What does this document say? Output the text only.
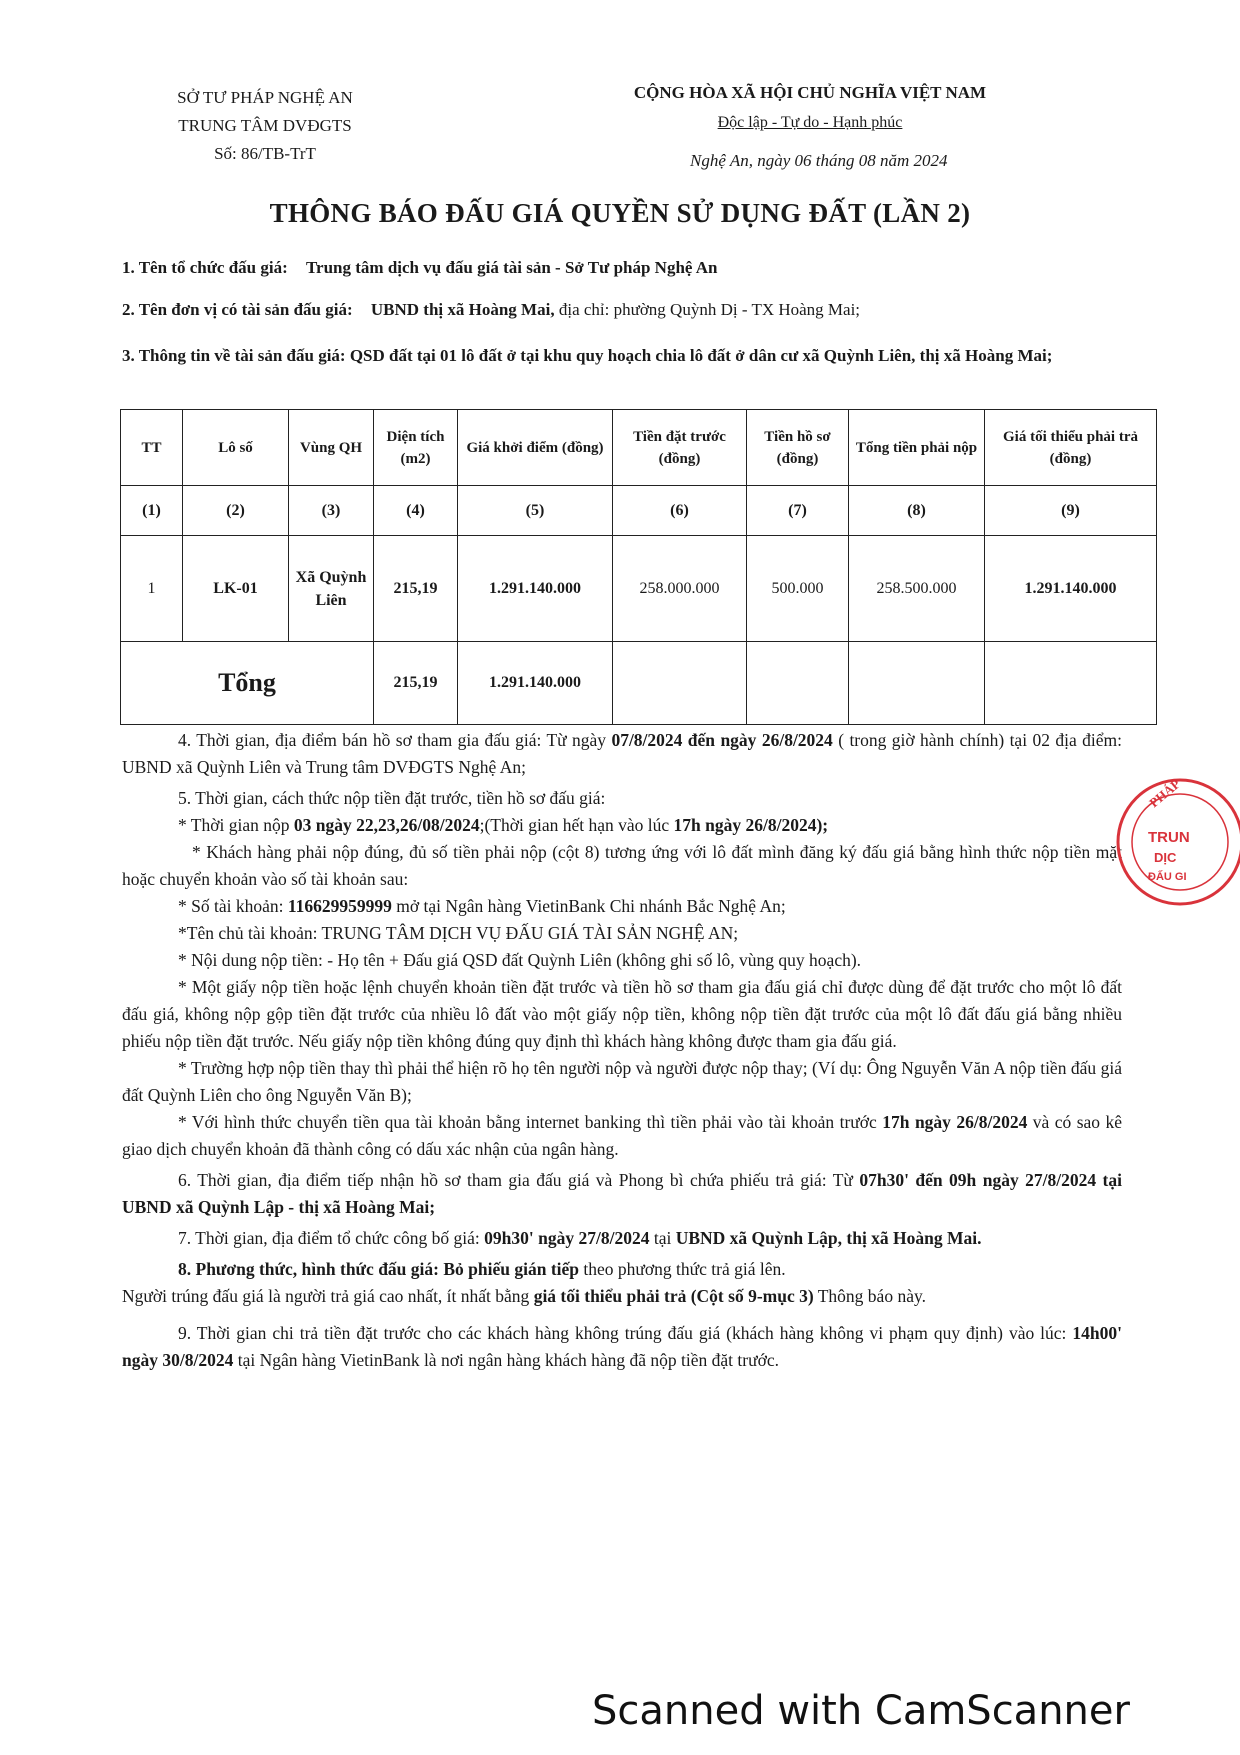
SỞ TƯ PHÁP NGHỆ AN
TRUNG TÂM DVĐGTS
Số: 86/TB-TrT
CỘNG HÒA XÃ HỘI CHỦ NGHĨA VIỆT NAM
Độc lập - Tự do - Hạnh phúc
Nghệ An, ngày 06 tháng 08 năm 2024
THÔNG BÁO ĐẤU GIÁ QUYỀN SỬ DỤNG ĐẤT (LẦN 2)
1. Tên tổ chức đấu giá: Trung tâm dịch vụ đấu giá tài sản - Sở Tư pháp Nghệ An
2. Tên đơn vị có tài sản đấu giá: UBND thị xã Hoàng Mai, địa chỉ: phường Quỳnh Dị - TX Hoàng Mai;
3. Thông tin về tài sản đấu giá: QSD đất tại 01 lô đất ở tại khu quy hoạch chia lô đất ở dân cư xã Quỳnh Liên, thị xã Hoàng Mai;
TT	Lô số	Vùng QH	Diện tích (m2)	Giá khởi điểm (đồng)	Tiền đặt trước (đồng)	Tiền hồ sơ (đồng)	Tổng tiền phải nộp	Giá tối thiểu phải trả (đồng)
(1)	(2)	(3)	(4)	(5)	(6)	(7)	(8)	(9)
1	LK-01	Xã Quỳnh Liên	215,19	1.291.140.000	258.000.000	500.000	258.500.000	1.291.140.000
Tổng			215,19	1.291.140.000				

4. Thời gian, địa điểm bán hồ sơ tham gia đấu giá: Từ ngày 07/8/2024 đến ngày 26/8/2024 ( trong giờ hành chính) tại 02 địa điểm: UBND xã Quỳnh Liên và Trung tâm DVĐGTS Nghệ An;

5. Thời gian, cách thức nộp tiền đặt trước, tiền hồ sơ đấu giá:

* Thời gian nộp 03 ngày 22,23,26/08/2024;(Thời gian hết hạn vào lúc 17h ngày 26/8/2024);

* Khách hàng phải nộp đúng, đủ số tiền phải nộp (cột 8) tương ứng với lô đất mình đăng ký đấu giá bằng hình thức nộp tiền mặt hoặc chuyển khoản vào số tài khoản sau:

* Số tài khoản: 116629959999 mở tại Ngân hàng VietinBank Chi nhánh Bắc Nghệ An;

*Tên chủ tài khoản: TRUNG TÂM DỊCH VỤ ĐẤU GIÁ TÀI SẢN NGHỆ AN;

* Nội dung nộp tiền: - Họ tên + Đấu giá QSD đất Quỳnh Liên (không ghi số lô, vùng quy hoạch).

* Một giấy nộp tiền hoặc lệnh chuyển khoản tiền đặt trước và tiền hồ sơ tham gia đấu giá chỉ được dùng để đặt trước cho một lô đất đấu giá, không nộp gộp tiền đặt trước của nhiều lô đất vào một giấy nộp tiền, không nộp tiền đặt trước của một lô đất đấu giá bằng nhiều phiếu nộp tiền đặt trước. Nếu giấy nộp tiền không đúng quy định thì khách hàng không được tham gia đấu giá.

* Trường hợp nộp tiền thay thì phải thể hiện rõ họ tên người nộp và người được nộp thay; (Ví dụ: Ông Nguyễn Văn A nộp tiền đấu giá đất Quỳnh Liên cho ông Nguyễn Văn B);

* Với hình thức chuyển tiền qua tài khoản bằng internet banking thì tiền phải vào tài khoản trước 17h ngày 26/8/2024 và có sao kê giao dịch chuyển khoản đã thành công có dấu xác nhận của ngân hàng.

6. Thời gian, địa điểm tiếp nhận hồ sơ tham gia đấu giá và Phong bì chứa phiếu trả giá: Từ 07h30' đến 09h ngày 27/8/2024 tại UBND xã Quỳnh Lập - thị xã Hoàng Mai;

7. Thời gian, địa điểm tổ chức công bố giá: 09h30' ngày 27/8/2024 tại UBND xã Quỳnh Lập, thị xã Hoàng Mai.

8. Phương thức, hình thức đấu giá: Bỏ phiếu gián tiếp theo phương thức trả giá lên.

Người trúng đấu giá là người trả giá cao nhất, ít nhất bằng giá tối thiểu phải trả (Cột số 9-mục 3) Thông báo này.

9. Thời gian chi trả tiền đặt trước cho các khách hàng không trúng đấu giá (khách hàng không vi phạm quy định) vào lúc: 14h00' ngày 30/8/2024 tại Ngân hàng VietinBank là nơi ngân hàng khách hàng đã nộp tiền đặt trước.

PHÁP
TRUN
DỊC
ĐẤU GI
Scanned with CamScanner
